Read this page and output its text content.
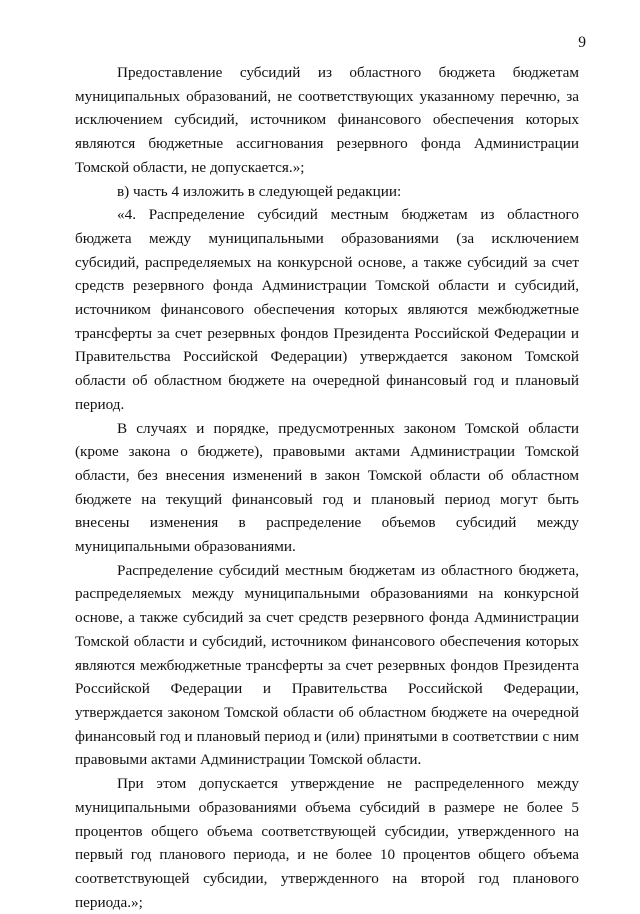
9

Предоставление субсидий из областного бюджета бюджетам муниципальных образований, не соответствующих указанному перечню, за исключением субсидий, источником финансового обеспечения которых являются бюджетные ассигнования резервного фонда Администрации Томской области, не допускается.»;

в) часть 4 изложить в следующей редакции:

«4. Распределение субсидий местным бюджетам из областного бюджета между муниципальными образованиями (за исключением субсидий, распределяемых на конкурсной основе, а также субсидий за счет средств резервного фонда Администрации Томской области и субсидий, источником финансового обеспечения которых являются межбюджетные трансферты за счет резервных фондов Президента Российской Федерации и Правительства Российской Федерации) утверждается законом Томской области об областном бюджете на очередной финансовый год и плановый период.

В случаях и порядке, предусмотренных законом Томской области (кроме закона о бюджете), правовыми актами Администрации Томской области, без внесения изменений в закон Томской области об областном бюджете на текущий финансовый год и плановый период могут быть внесены изменения в распределение объемов субсидий между муниципальными образованиями.

Распределение субсидий местным бюджетам из областного бюджета, распределяемых между муниципальными образованиями на конкурсной основе, а также субсидий за счет средств резервного фонда Администрации Томской области и субсидий, источником финансового обеспечения которых являются межбюджетные трансферты за счет резервных фондов Президента Российской Федерации и Правительства Российской Федерации, утверждается законом Томской области об областном бюджете на очередной финансовый год и плановый период и (или) принятыми в соответствии с ним правовыми актами Администрации Томской области.

При этом допускается утверждение не распределенного между муниципальными образованиями объема субсидий в размере не более 5 процентов общего объема соответствующей субсидии, утвержденного на первый год планового периода, и не более 10 процентов общего объема соответствующей субсидии, утвержденного на второй год планового периода.»;
